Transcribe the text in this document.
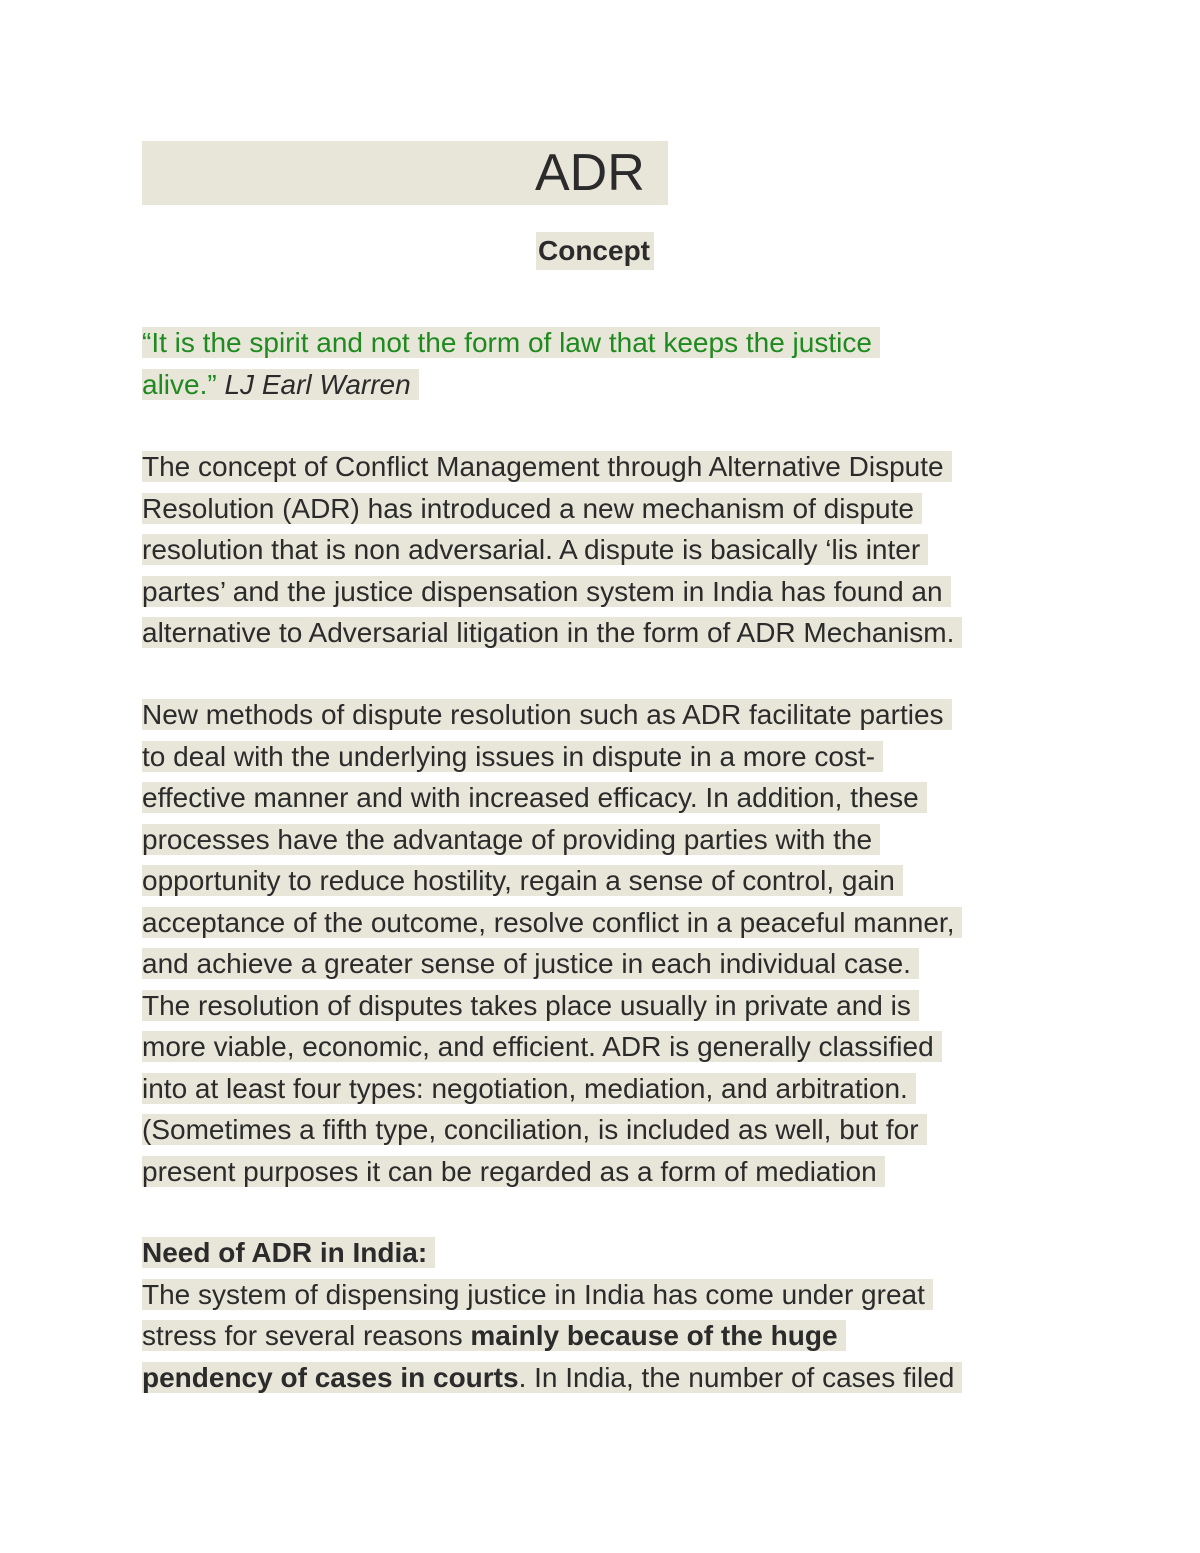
ADR
Concept
“It is the spirit and not the form of law that keeps the justice
alive.” LJ Earl Warren
The concept of Conflict Management through Alternative Dispute
Resolution (ADR) has introduced a new mechanism of dispute
resolution that is non adversarial. A dispute is basically ‘lis inter
partes’ and the justice dispensation system in India has found an
alternative to Adversarial litigation in the form of ADR Mechanism.
New methods of dispute resolution such as ADR facilitate parties
to deal with the underlying issues in dispute in a more cost-
effective manner and with increased efficacy. In addition, these
processes have the advantage of providing parties with the
opportunity to reduce hostility, regain a sense of control, gain
acceptance of the outcome, resolve conflict in a peaceful manner,
and achieve a greater sense of justice in each individual case.
The resolution of disputes takes place usually in private and is
more viable, economic, and efficient. ADR is generally classified
into at least four types: negotiation, mediation, and arbitration.
(Sometimes a fifth type, conciliation, is included as well, but for
present purposes it can be regarded as a form of mediation
Need of ADR in India:
The system of dispensing justice in India has come under great
stress for several reasons mainly because of the huge
pendency of cases in courts. In India, the number of cases filed
